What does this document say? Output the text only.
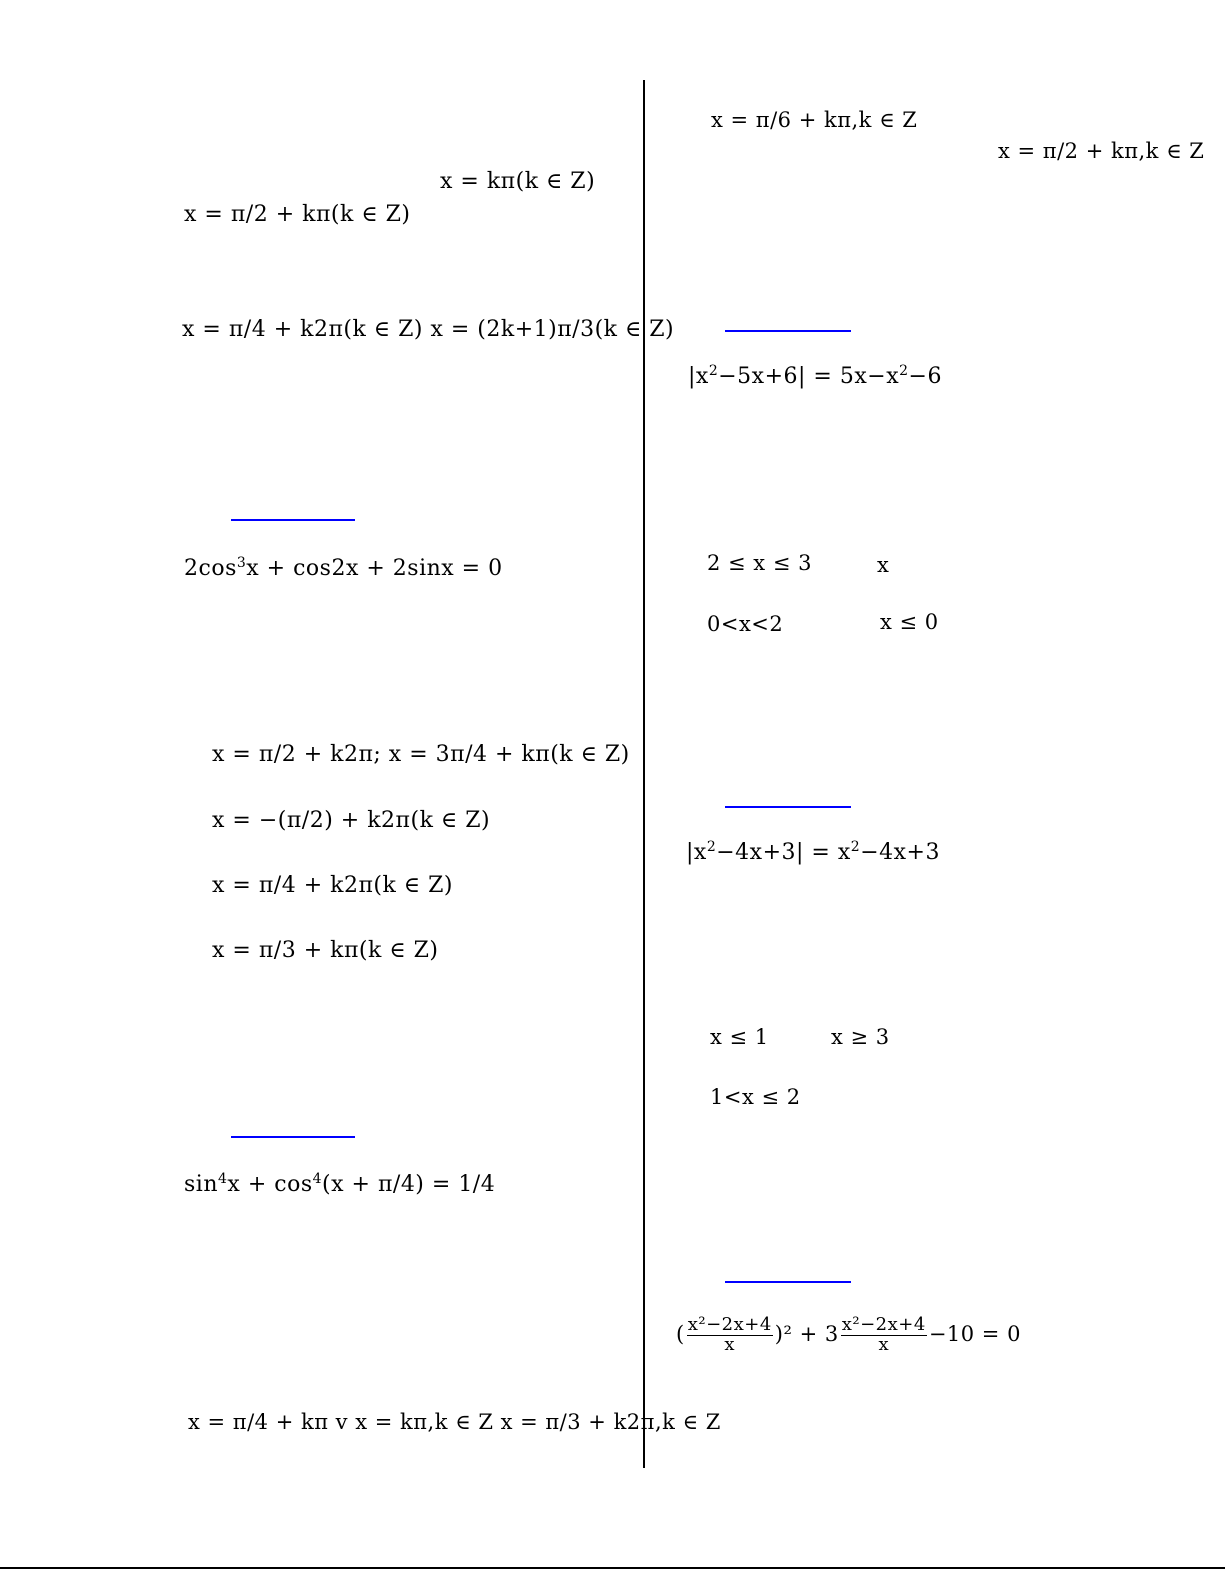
x = kπ(k ∈ Z)
x = π/2 + kπ(k ∈ Z)
x = π/4 + k2π(k ∈ Z) x = (2k+1)π/3(k ∈ Z)
$2\cos^3x + \cos 2x + 2\sin x = 0$
x = π/2 + k2π; x = 3π/4 + kπ(k ∈ Z)
x = −(π/2) + k2π(k ∈ Z)
x = π/4 + k2π(k ∈ Z)
x = π/3 + kπ(k ∈ Z)
$\sin^4x + \cos^4(x + \pi/4) = 1/4$
x = π/4 + kπ v x = kπ,k ∈ Z x = π/3 + k2π,k ∈ Z
x = π/6 + kπ,k ∈ Z
x = π/2 + kπ,k ∈ Z
$|x^2-5x+6| = 5x-x^2-6$
2 ≤ x ≤ 3	x
0<x<2	x ≤ 0
$|x^2-4x+3| = x^2-4x+3$
x ≤ 1	x ≥ 3
1<x ≤ 2
( $\frac{\text{x²−2x+4}}{x} )^2 + 3 \frac{\text{x²−2x+4}}{x} -10 = 0$
